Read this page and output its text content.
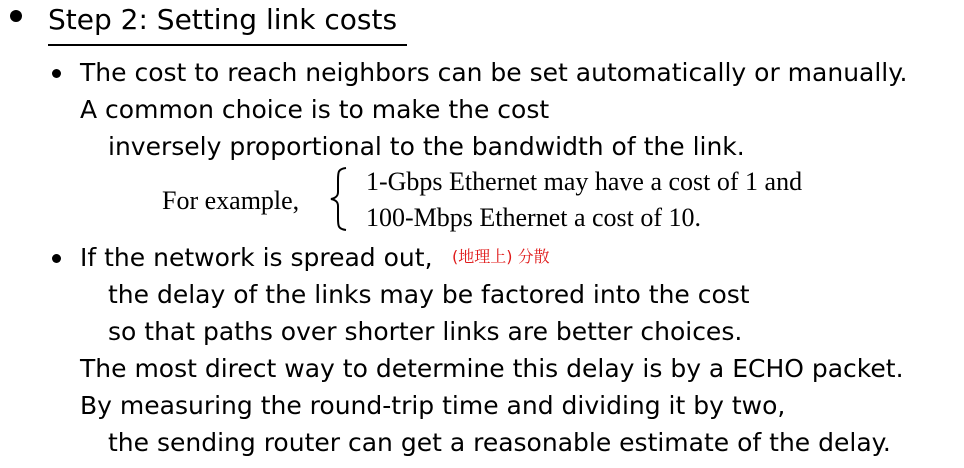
Step 2: Setting link costs
The cost to reach neighbors can be set automatically or manually.
A common choice is to make the cost
inversely proportional to the bandwidth of the link.
For example,
1-Gbps Ethernet may have a cost of 1 and
100-Mbps Ethernet a cost of 10.
If the network is spread out, (地理上) 分散
the delay of the links may be factored into the cost
so that paths over shorter links are better choices.
The most direct way to determine this delay is by a ECHO packet.
By measuring the round-trip time and dividing it by two,
the sending router can get a reasonable estimate of the delay.
